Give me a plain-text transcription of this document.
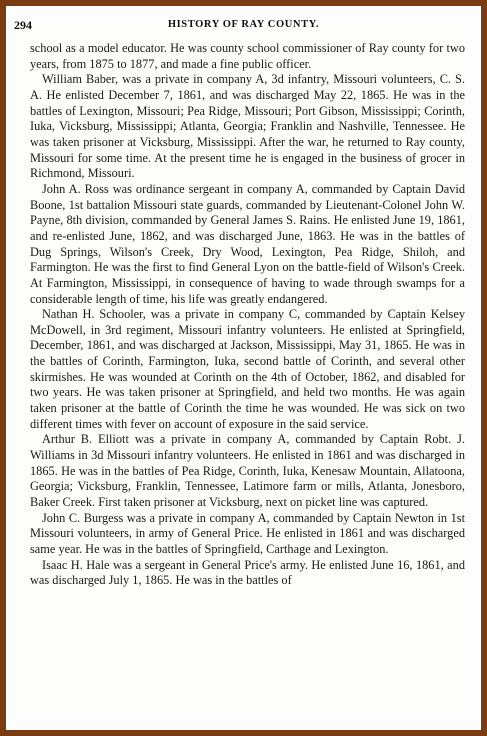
294	HISTORY OF RAY COUNTY.

school as a model educator. He was county school commissioner of Ray county for two years, from 1875 to 1877, and made a fine public officer.

William Baber, was a private in company A, 3d infantry, Missouri volunteers, C. S. A. He enlisted December 7, 1861, and was discharged May 22, 1865. He was in the battles of Lexington, Missouri; Pea Ridge, Missouri; Port Gibson, Mississippi; Corinth, Iuka, Vicksburg, Mississippi; Atlanta, Georgia; Franklin and Nashville, Tennessee. He was taken prisoner at Vicksburg, Mississippi. After the war, he returned to Ray county, Missouri for some time. At the present time he is engaged in the business of grocer in Richmond, Missouri.

John A. Ross was ordinance sergeant in company A, commanded by Captain David Boone, 1st battalion Missouri state guards, commanded by Lieutenant-Colonel John W. Payne, 8th division, commanded by General James S. Rains. He enlisted June 19, 1861, and re-enlisted June, 1862, and was discharged June, 1863. He was in the battles of Dug Springs, Wilson's Creek, Dry Wood, Lexington, Pea Ridge, Shiloh, and Farmington. He was the first to find General Lyon on the battle-field of Wilson's Creek. At Farmington, Mississippi, in consequence of having to wade through swamps for a considerable length of time, his life was greatly endangered.

Nathan H. Schooler, was a private in company C, commanded by Captain Kelsey McDowell, in 3rd regiment, Missouri infantry volunteers. He enlisted at Springfield, December, 1861, and was discharged at Jackson, Mississippi, May 31, 1865. He was in the battles of Corinth, Farmington, Iuka, second battle of Corinth, and several other skirmishes. He was wounded at Corinth on the 4th of October, 1862, and disabled for two years. He was taken prisoner at Springfield, and held two months. He was again taken prisoner at the battle of Corinth the time he was wounded. He was sick on two different times with fever on account of exposure in the said service.

Arthur B. Elliott was a private in company A, commanded by Captain Robt. J. Williams in 3d Missouri infantry volunteers. He enlisted in 1861 and was discharged in 1865. He was in the battles of Pea Ridge, Corinth, Iuka, Kenesaw Mountain, Allatoona, Georgia; Vicksburg, Franklin, Tennessee, Latimore farm or mills, Atlanta, Jonesboro, Baker Creek. First taken prisoner at Vicksburg, next on picket line was captured.

John C. Burgess was a private in company A, commanded by Captain Newton in 1st Missouri volunteers, in army of General Price. He enlisted in 1861 and was discharged same year. He was in the battles of Springfield, Carthage and Lexington.

Isaac H. Hale was a sergeant in General Price's army. He enlisted June 16, 1861, and was discharged July 1, 1865. He was in the battles of
